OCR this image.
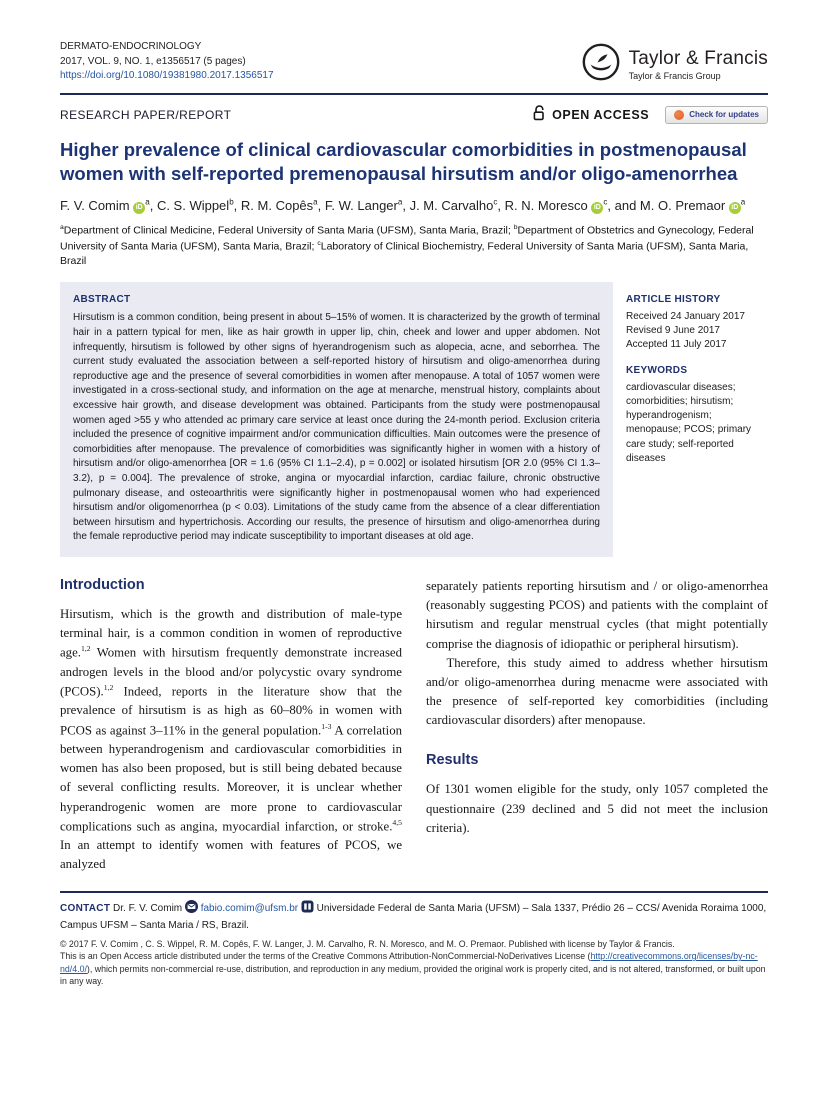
DERMATO-ENDOCRINOLOGY
2017, VOL. 9, NO. 1, e1356517 (5 pages)
https://doi.org/10.1080/19381980.2017.1356517
Taylor & Francis
Taylor & Francis Group
RESEARCH PAPER/REPORT	OPEN ACCESS	Check for updates
Higher prevalence of clinical cardiovascular comorbidities in postmenopausal women with self-reported premenopausal hirsutism and/or oligo-amenorrhea
F. V. Comim $iD^a$, C. S. Wippel$^b$, R. M. Copês$^a$, F. W. Langer$^a$, J. M. Carvalho$^c$, R. N. Moresco $iD^c$, and M. O. Premaor $iD^a$
$^a$Department of Clinical Medicine, Federal University of Santa Maria (UFSM), Santa Maria, Brazil; $^b$Department of Obstetrics and Gynecology, Federal University of Santa Maria (UFSM), Santa Maria, Brazil; $^c$Laboratory of Clinical Biochemistry, Federal University of Santa Maria (UFSM), Santa Maria, Brazil
ABSTRACT
Hirsutism is a common condition, being present in about 5–15% of women. It is characterized by the growth of terminal hair in a pattern typical for men, like as hair growth in upper lip, chin, cheek and lower and upper abdomen. Not infrequently, hirsutism is followed by other signs of hyerandrogenism such as alopecia, acne, and seborrhea. The current study evaluated the association between a self-reported history of hirsutism and oligo-amenorrhea during reproductive age and the presence of several comorbidities in women after menopause. A total of 1057 women were investigated in a cross-sectional study, and information on the age at menarche, menstrual history, complaints about excessive hair growth, and disease development was obtained. Participants from the study were postmenopausal women aged >55 y who attended ac primary care service at least once during the 24-month period. Exclusion criteria included the presence of cognitive impairment and/or communication difficulties. Main outcomes were the presence of comorbidities after menopause. The prevalence of comorbidities was significantly higher in women with a history of hirsutism and/or oligo-amenorrhea [OR = 1.6 (95% CI 1.1–2.4), p = 0.002] or isolated hirsutism [OR 2.0 (95% CI 1.3–3.2), p = 0.004]. The prevalence of stroke, angina or myocardial infarction, cardiac failure, chronic obstructive pulmonary disease, and osteoarthritis were significantly higher in postmenopausal women who had experienced hirsutism and/or oligomenorrhea (p < 0.03). Limitations of the study came from the absence of a clear differentiation between hirsutism and hypertrichosis. According our results, the presence of hirsutism and oligo-amenorrhea during the female reproductive period may indicate susceptibility to important diseases at old age.
ARTICLE HISTORY
Received 24 January 2017
Revised 9 June 2017
Accepted 11 July 2017
KEYWORDS
cardiovascular diseases; comorbidities; hirsutism; hyperandrogenism; menopause; PCOS; primary care study; self-reported diseases
Introduction

Hirsutism, which is the growth and distribution of male-type terminal hair, is a common condition in women of reproductive age.$^{1,2}$ Women with hirsutism frequently demonstrate increased androgen levels in the blood and/or polycystic ovary syndrome (PCOS).$^{1,2}$ Indeed, reports in the literature show that the prevalence of hirsutism is as high as 60–80% in women with PCOS as against 3–11% in the general population.$^{1-3}$ A correlation between hyperandrogenism and cardiovascular comorbidities in women has also been proposed, but is still being debated because of several conflicting results. Moreover, it is unclear whether hyperandrogenic women are more prone to cardiovascular complications such as angina, myocardial infarction, or stroke.$^{4,5}$ In an attempt to identify women with features of PCOS, we analyzed

separately patients reporting hirsutism and / or oligo-amenorrhea (reasonably suggesting PCOS) and patients with the complaint of hirsutism and regular menstrual cycles (that might potentially comprise the diagnosis of idiopathic or peripheral hirsutism).

Therefore, this study aimed to address whether hirsutism and/or oligo-amenorrhea during menacme were associated with the presence of self-reported key comorbidities (including cardiovascular disorders) after menopause.

Results

Of 1301 women eligible for the study, only 1057 completed the questionnaire (239 declined and 5 did not meet the inclusion criteria).

CONTACT Dr. F. V. Comim fabio.comim@ufsm.br Universidade Federal de Santa Maria (UFSM) – Sala 1337, Prédio 26 – CCS/ Avenida Roraima 1000, Campus UFSM – Santa Maria / RS, Brazil.
© 2017 F. V. Comim , C. S. Wippel, R. M. Copês, F. W. Langer, J. M. Carvalho, R. N. Moresco, and M. O. Premaor. Published with license by Taylor & Francis.
This is an Open Access article distributed under the terms of the Creative Commons Attribution-NonCommercial-NoDerivatives License (http://creativecommons.org/licenses/by-nc-nd/4.0/), which permits non-commercial re-use, distribution, and reproduction in any medium, provided the original work is properly cited, and is not altered, transformed, or built upon in any way.
